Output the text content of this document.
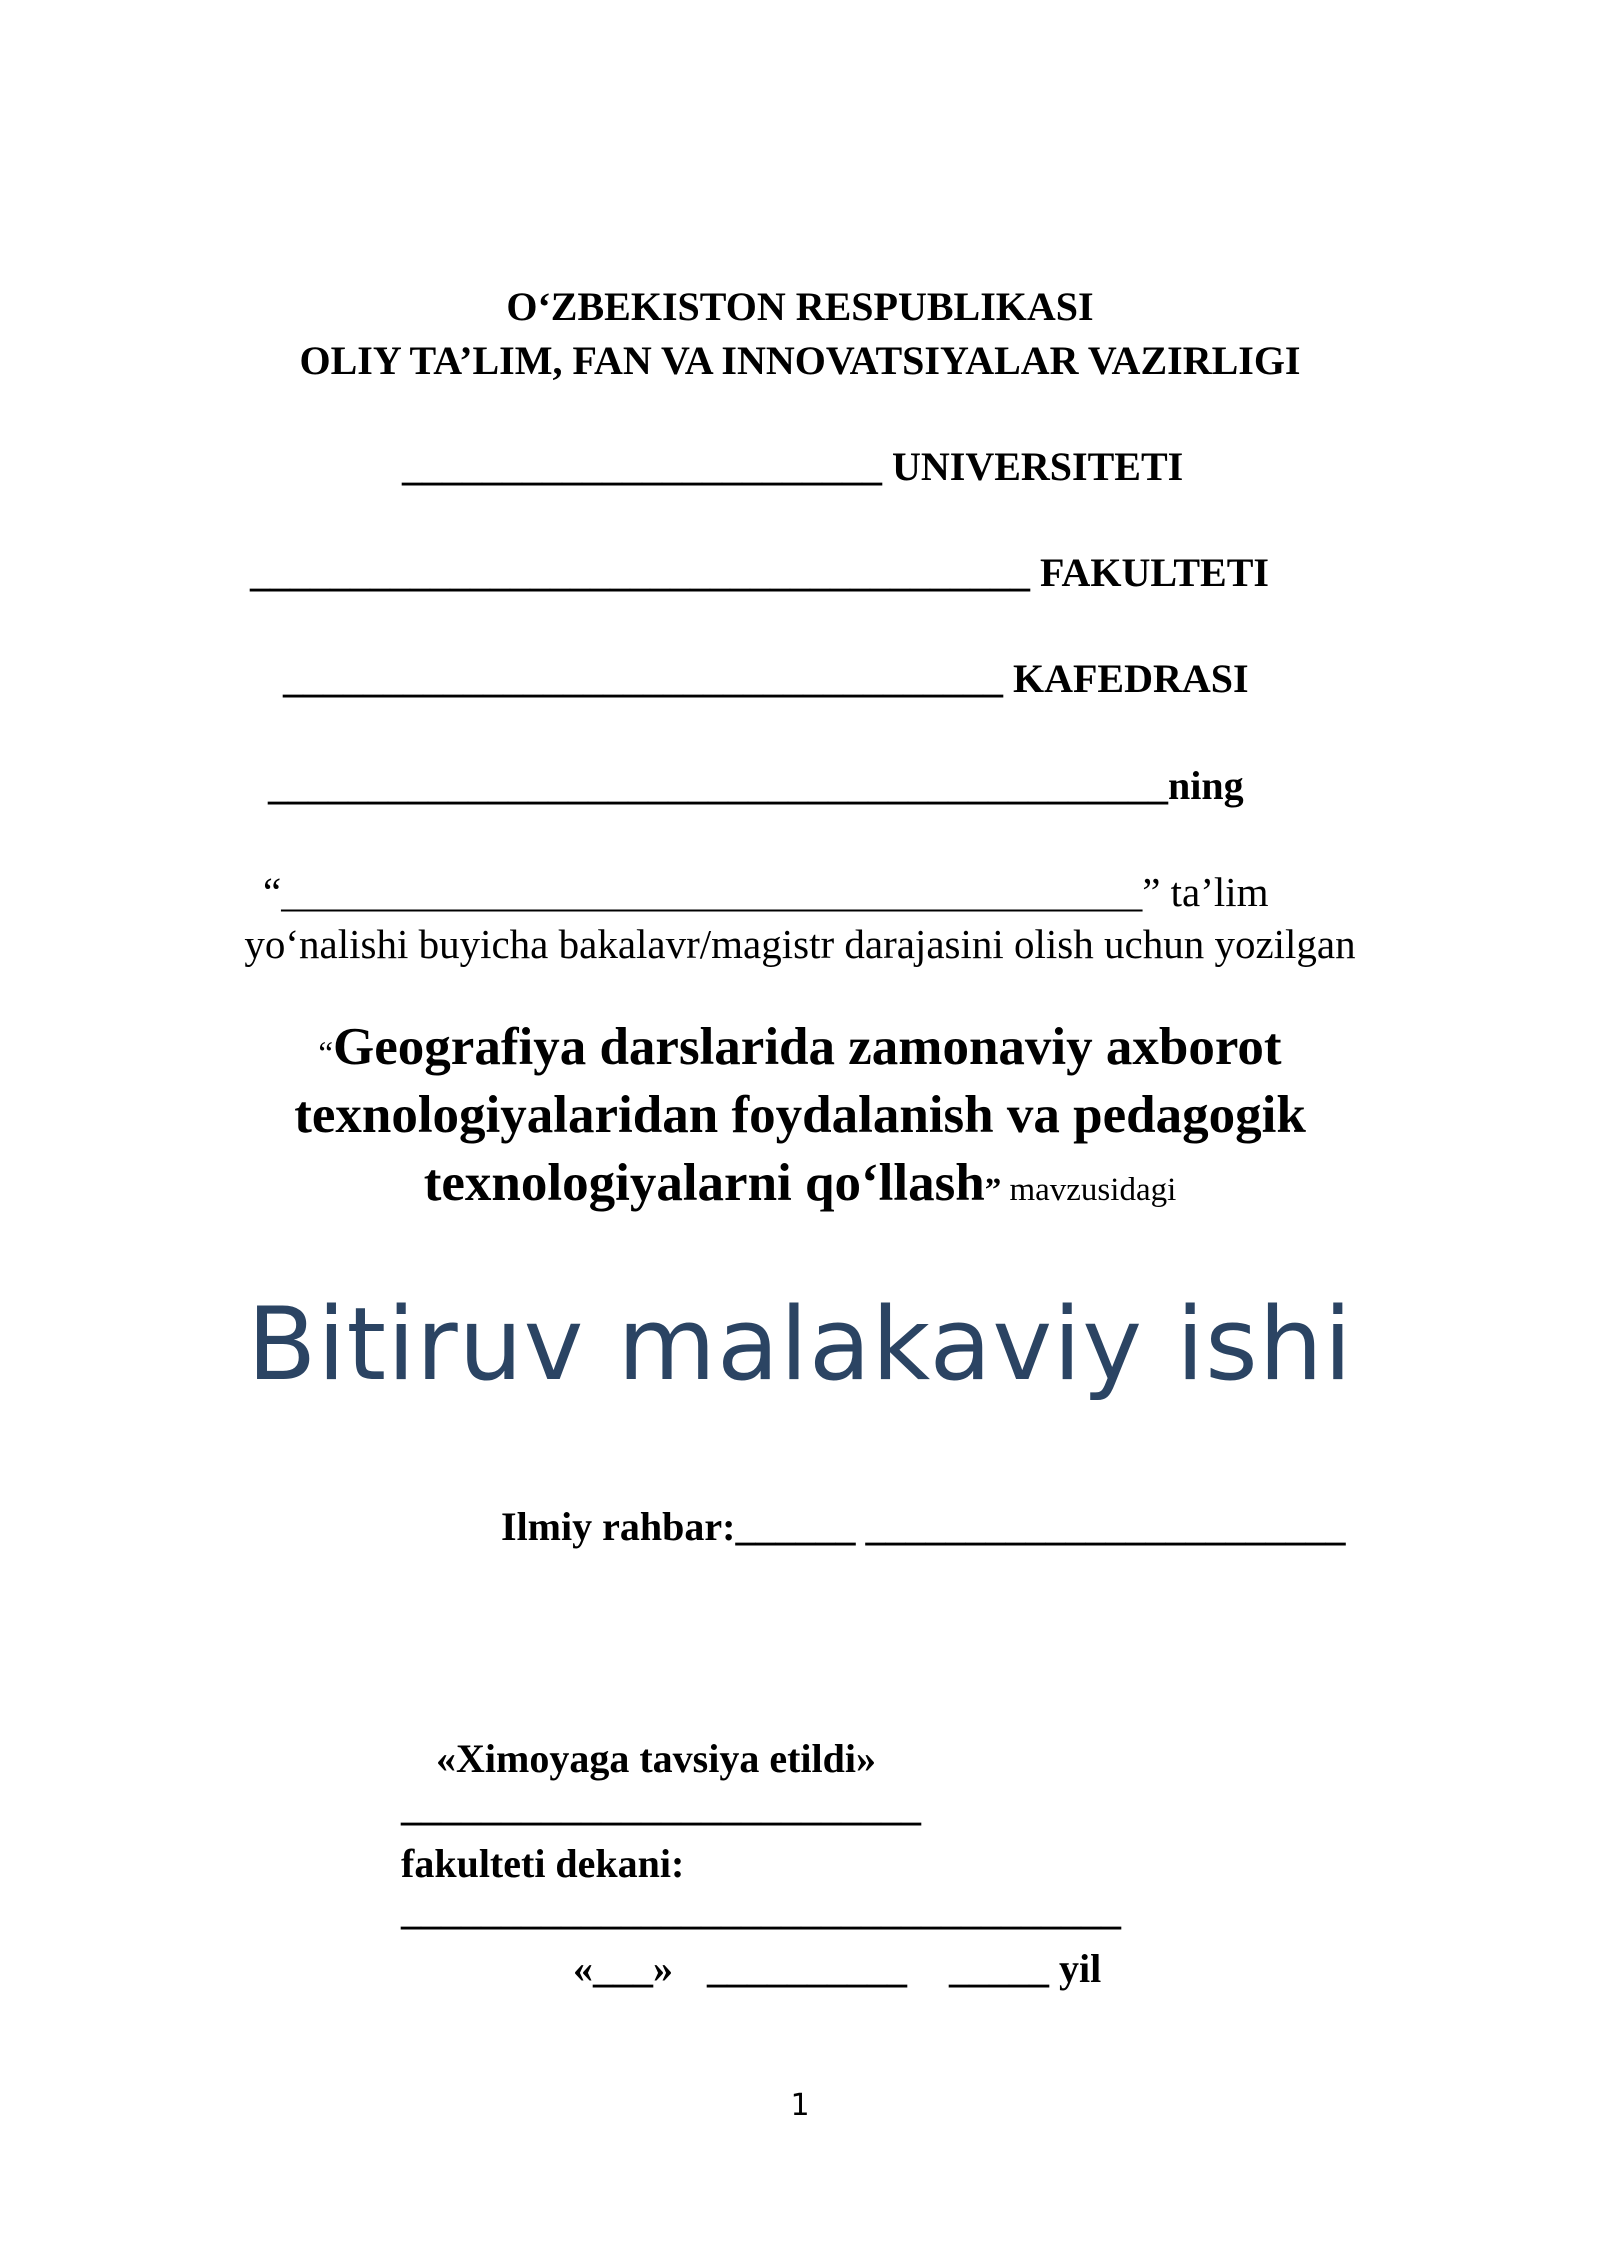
O‘ZBEKISTON RESPUBLIKASI
OLIY TA’LIM, FAN VA INNOVATSIYALAR VAZIRLIGI
________________________ UNIVERSITETI
_______________________________________ FAKULTETI
____________________________________ KAFEDRASI
_____________________________________________ning
“__________________________________________” ta’lim
yo‘nalishi buyicha bakalavr/magistr darajasini olish uchun yozilgan
“Geografiya darslarida zamonaviy axborot
texnologiyalaridan foydalanish va pedagogik
texnologiyalarni qo‘llash” mavzusidagi
Bitiruv malakaviy ishi
Ilmiy rahbar:______ ________________________
«Ximoyaga tavsiya etildi»
__________________________
fakulteti dekani:
____________________________________
«___» __________ _____ yil
1
